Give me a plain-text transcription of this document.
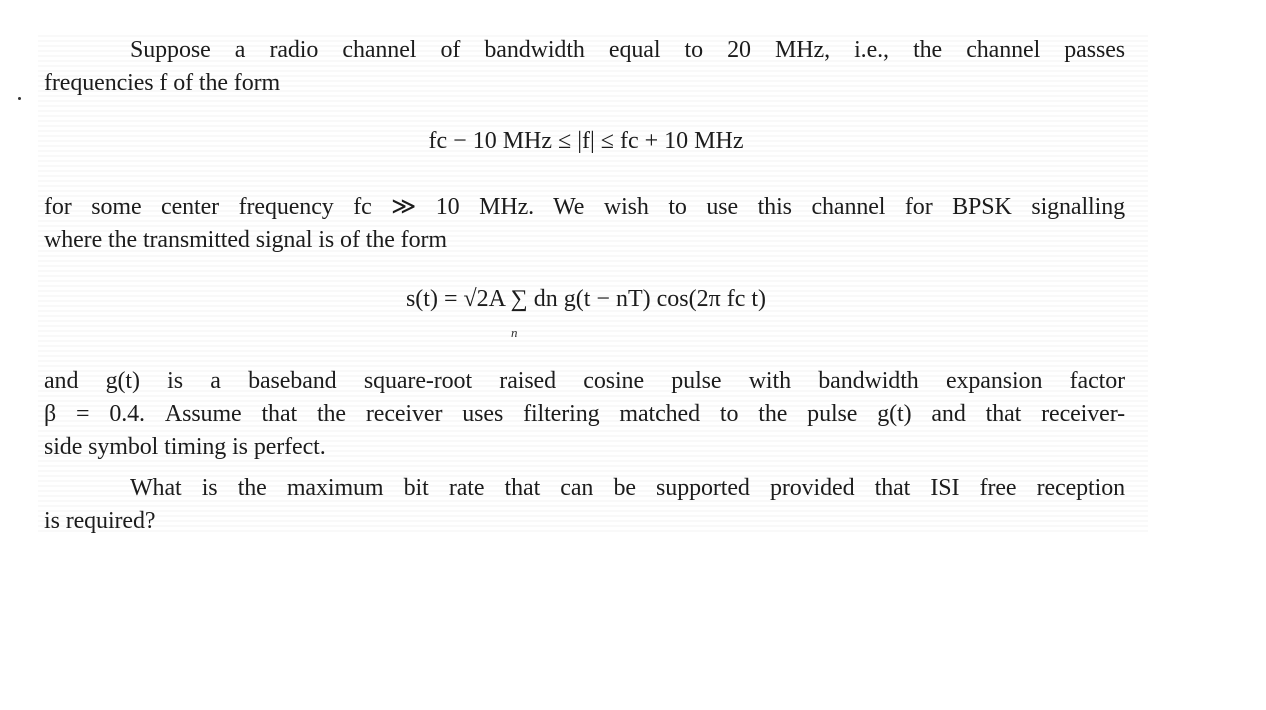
Suppose a radio channel of bandwidth equal to 20 MHz, i.e., the channel passes
frequencies f of the form

fc − 10 MHz ≤ |f| ≤ fc + 10 MHz

for some center frequency fc ≫ 10 MHz. We wish to use this channel for BPSK signalling
where the transmitted signal is of the form

s(t) = √2A ∑ dn g(t − nT) cos(2π fc t)

n

and g(t) is a baseband square-root raised cosine pulse with bandwidth expansion factor
β = 0.4. Assume that the receiver uses filtering matched to the pulse g(t) and that receiver-
side symbol timing is perfect.

What is the maximum bit rate that can be supported provided that ISI free reception
is required?
